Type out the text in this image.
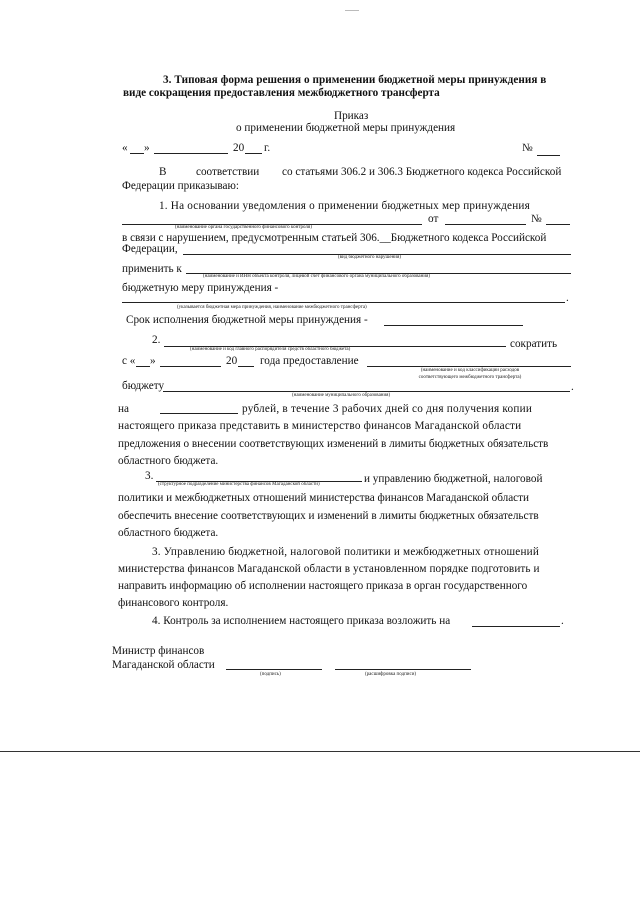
3. Типовая форма решения о применении бюджетной меры принуждения в
виде сокращения предоставления межбюджетного трансферта
Приказ
о применении бюджетной меры принуждения
« »	20 г.	№
В	соответствии со статьями 306.2 и 306.3 Бюджетного кодекса Российской
Федерации приказываю:
1. На основании уведомления о применении бюджетных мер принуждения
от	№
(наименование органа государственного финансового контроля)
в связи с нарушением, предусмотренным статьей 306.__Бюджетного кодекса Российской
Федерации,
(вид бюджетного нарушения)
применить к
(наименование и ИНН объекта контроля, лицевой счет финансового органа муниципального образования)
бюджетную меру принуждения -
.
(указывается бюджетная мера принуждения, наименование межбюджетного трансферта)
Срок исполнения бюджетной меры принуждения -
2.	сократить
(наименование и код главного распорядителя средств областного бюджета)
с « »	20 года предоставление
(наименование и код классификации расходов
соответствующего межбюджетного трансферта)
бюджету	.
(наименование муниципального образования)
на	рублей, в течение 3 рабочих дней со дня получения копии
настоящего приказа представить в министерство финансов Магаданской области
предложения о внесении соответствующих изменений в лимиты бюджетных обязательств
областного бюджета.
3.	и управлению бюджетной, налоговой
(структурное подразделение министерства финансов Магаданской области)
политики и межбюджетных отношений министерства финансов Магаданской области
обеспечить внесение соответствующих и изменений в лимиты бюджетных обязательств
областного бюджета.
3. Управлению бюджетной, налоговой политики и межбюджетных отношений
министерства финансов Магаданской области в установленном порядке подготовить и
направить информацию об исполнении настоящего приказа в орган государственного
финансового контроля.
4. Контроль за исполнением настоящего приказа возложить на	.
Министр финансов
Магаданской области
(подпись)	(расшифровка подписи)
